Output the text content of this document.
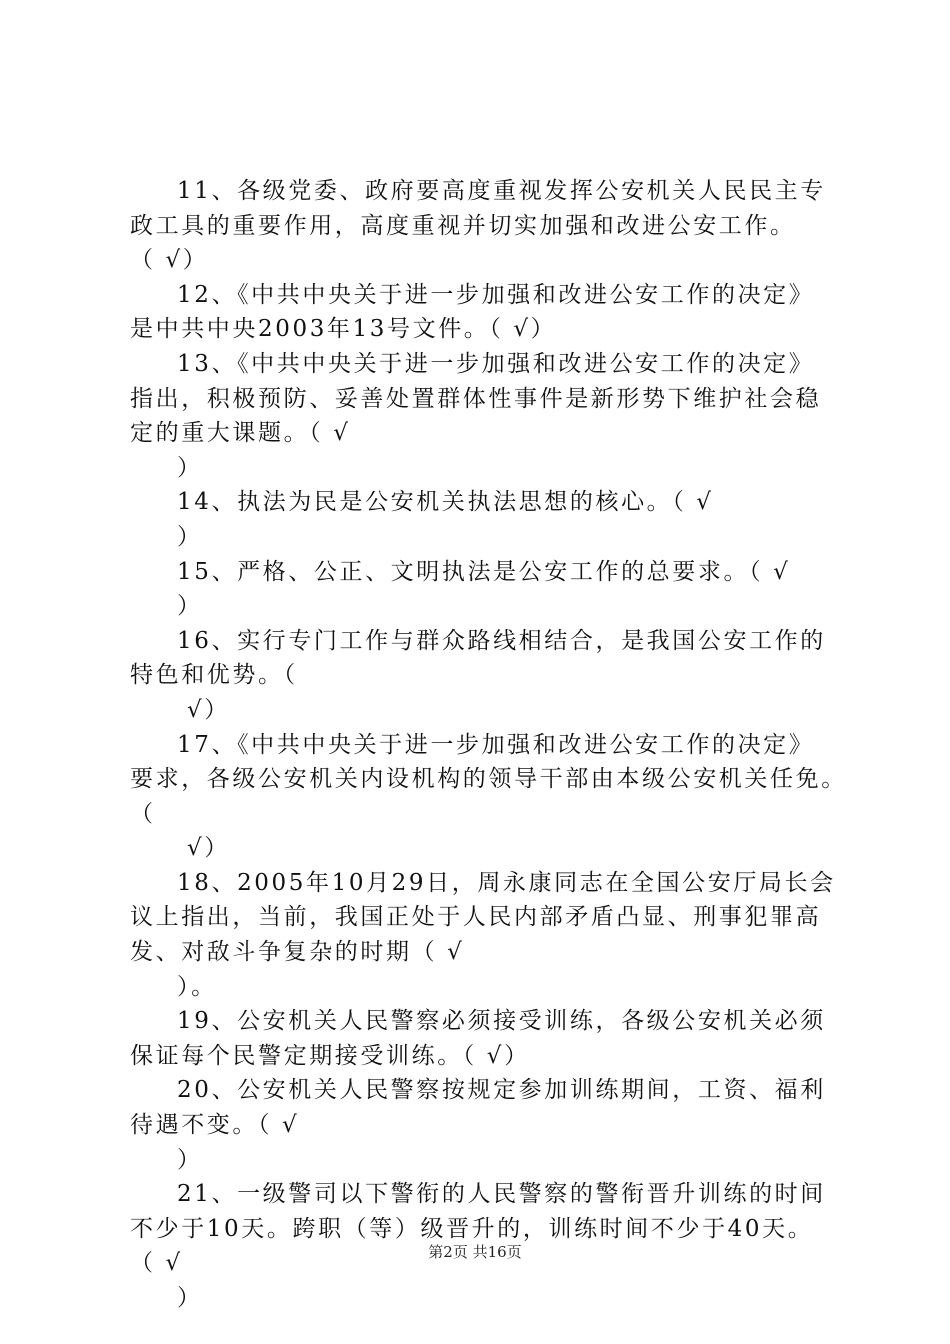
11、各级党委、政府要高度重视发挥公安机关人民民主专
政工具的重要作用，高度重视并切实加强和改进公安工作。
（ √）
12、《中共中央关于进一步加强和改进公安工作的决定》
是中共中央2003年13号文件。（ √）
13、《中共中央关于进一步加强和改进公安工作的决定》
指出，积极预防、妥善处置群体性事件是新形势下维护社会稳
定的重大课题。（ √
）
14、执法为民是公安机关执法思想的核心。（ √
）
15、严格、公正、文明执法是公安工作的总要求。（ √
）
16、实行专门工作与群众路线相结合，是我国公安工作的
特色和优势。（
√）
17、《中共中央关于进一步加强和改进公安工作的决定》
要求，各级公安机关内设机构的领导干部由本级公安机关任免。
（
√）
18、2005年10月29日，周永康同志在全国公安厅局长会
议上指出，当前，我国正处于人民内部矛盾凸显、刑事犯罪高
发、对敌斗争复杂的时期（ √
）。
19、公安机关人民警察必须接受训练，各级公安机关必须
保证每个民警定期接受训练。（ √）
20、公安机关人民警察按规定参加训练期间，工资、福利
待遇不变。（ √
）
21、一级警司以下警衔的人民警察的警衔晋升训练的时间
不少于10天。跨职（等）级晋升的，训练时间不少于40天。
（ √
）
第2页 共16页
